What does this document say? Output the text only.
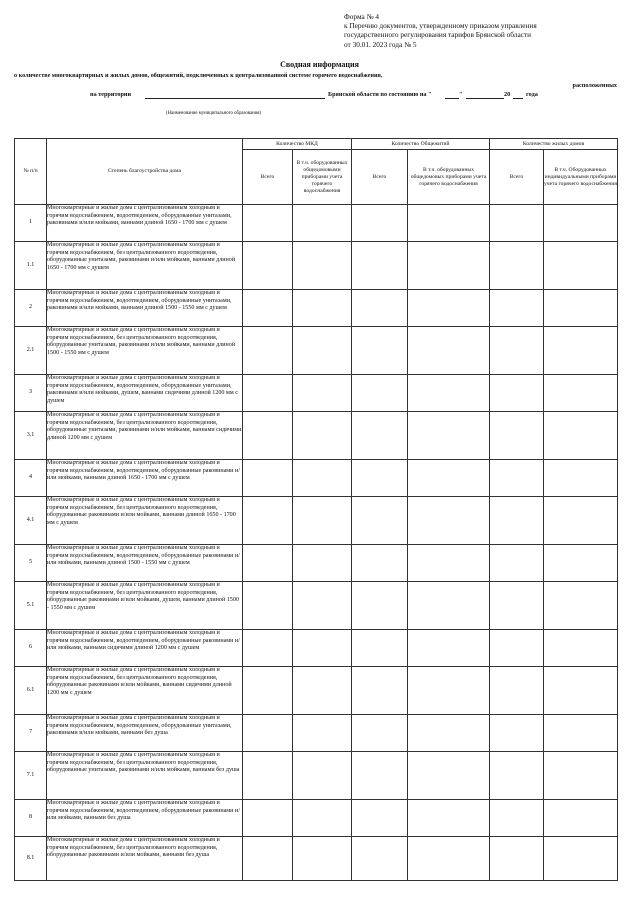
Форма № 4
к Перечню документов, утвержденному приказом управления
государственного регулирования тарифов Брянской области
от 30.01. 2023 года № 5
Сводная информация
о количестве многоквартирных и жилых домов, общежитий, подключенных к централизованной системе горячего водоснабжения,
расположенных
на территории	Брянской области по состоянию на "	"	20	года
(Наименование муниципального образования)
№ п/п	Степень благоустройства дома	Количество МКД		Количество Общежитий		Количество жилых домов	
		Всего	В т.ч. оборудованных общедомовыми приборами учета горячего водоснабжения	Всего	В т.ч. оборудованных общедомовых приборами учета горячего водоснабжения	Всего	В т.ч. Оборудованных индивидуальными приборами учета горячего водоснабжения
1	Многоквартирные и жилые дома с централизованным холодным и горячим водоснабжением, водоотведением, оборудованные унитазами, раковинами и/или мойками, ваннами длиной 1650 - 1700 мм с душем						
1.1	Многоквартирные и жилые дома с централизованным холодным и горячим водоснабжением, без централизованного водоотведения, оборудованные унитазами, раковинами и/или мойками, ваннами длиной 1650 - 1700 мм с душем						
2	Многоквартирные и жилые дома с централизованным холодным и горячим водоснабжением, водоотведением, оборудованные унитазами, раковинами и/или мойками, ваннами длиной 1500 - 1550 мм с душем						
2.1	Многоквартирные и жилые дома с централизованным холодным и горячим водоснабжением, без централизованного водоотведения, оборудованные унитазами, раковинами и/или мойками, ваннами длиной 1500 - 1550 мм с душем						
3	Многоквартирные и жилые дома с централизованным холодным и горячим водоснабжением, водоотведением, оборудованные унитазами, раковинами и/или мойками, душем, ваннами сидячими длиной 1200 мм с душем						
3.1	Многоквартирные и жилые дома с централизованным холодным и горячим водоснабжением, без централизованного водоотведения, оборудованные унитазами, раковинами и/или мойками, ваннами сидячими длиной 1200 мм с душем						
4	Многоквартирные и жилые дома с централизованным холодным и горячим водоснабжением, водоотведением, оборудованные раковинами и/или мойками, ваннами длиной 1650 - 1700 мм с душем						
4.1	Многоквартирные и жилые дома с централизованным холодным и горячим водоснабжением, без централизованного водоотведения, оборудованные раковинами и/или мойками, ваннами длиной 1650 - 1700 мм с душем						
5	Многоквартирные и жилые дома с централизованным холодным и горячим водоснабжением, водоотведением, оборудованные раковинами и/или мойками, ваннами длиной 1500 - 1550 мм с душем						
5.1	Многоквартирные и жилые дома с централизованным холодным и горячим водоснабжением, без централизованного водоотведения, оборудованные раковинами и/или мойками, душем, ваннами длиной 1500 - 1550 мм с душем						
6	Многоквартирные и жилые дома с централизованным холодным и горячим водоснабжением, водоотведением, оборудованные раковинами и/или мойками, ваннами сидячими длиной 1200 мм с душем						
6.1	Многоквартирные и жилые дома с централизованным холодным и горячим водоснабжением, без централизованного водоотведения, оборудованные раковинами и/или мойками, ваннами сидячими длиной 1200 мм с душем						
7	Многоквартирные и жилые дома с централизованным холодным и горячим водоснабжением, водоотведением, оборудованные унитазами, раковинами и/или мойками, ваннами без душа						
7.1	Многоквартирные и жилые дома с централизованным холодным и горячим водоснабжением, без централизованного водоотведения, оборудованные унитазами, раковинами и/или мойками, ваннами без душа						
8	Многоквартирные и жилые дома с централизованным холодным и горячим водоснабжением, водоотведением, оборудованные раковинами и/или мойками, ваннами без душа						
8.1	Многоквартирные и жилые дома с централизованным холодным и горячим водоснабжением, без централизованного водоотведения, оборудованные раковинами и/или мойками, ваннами без душа						
